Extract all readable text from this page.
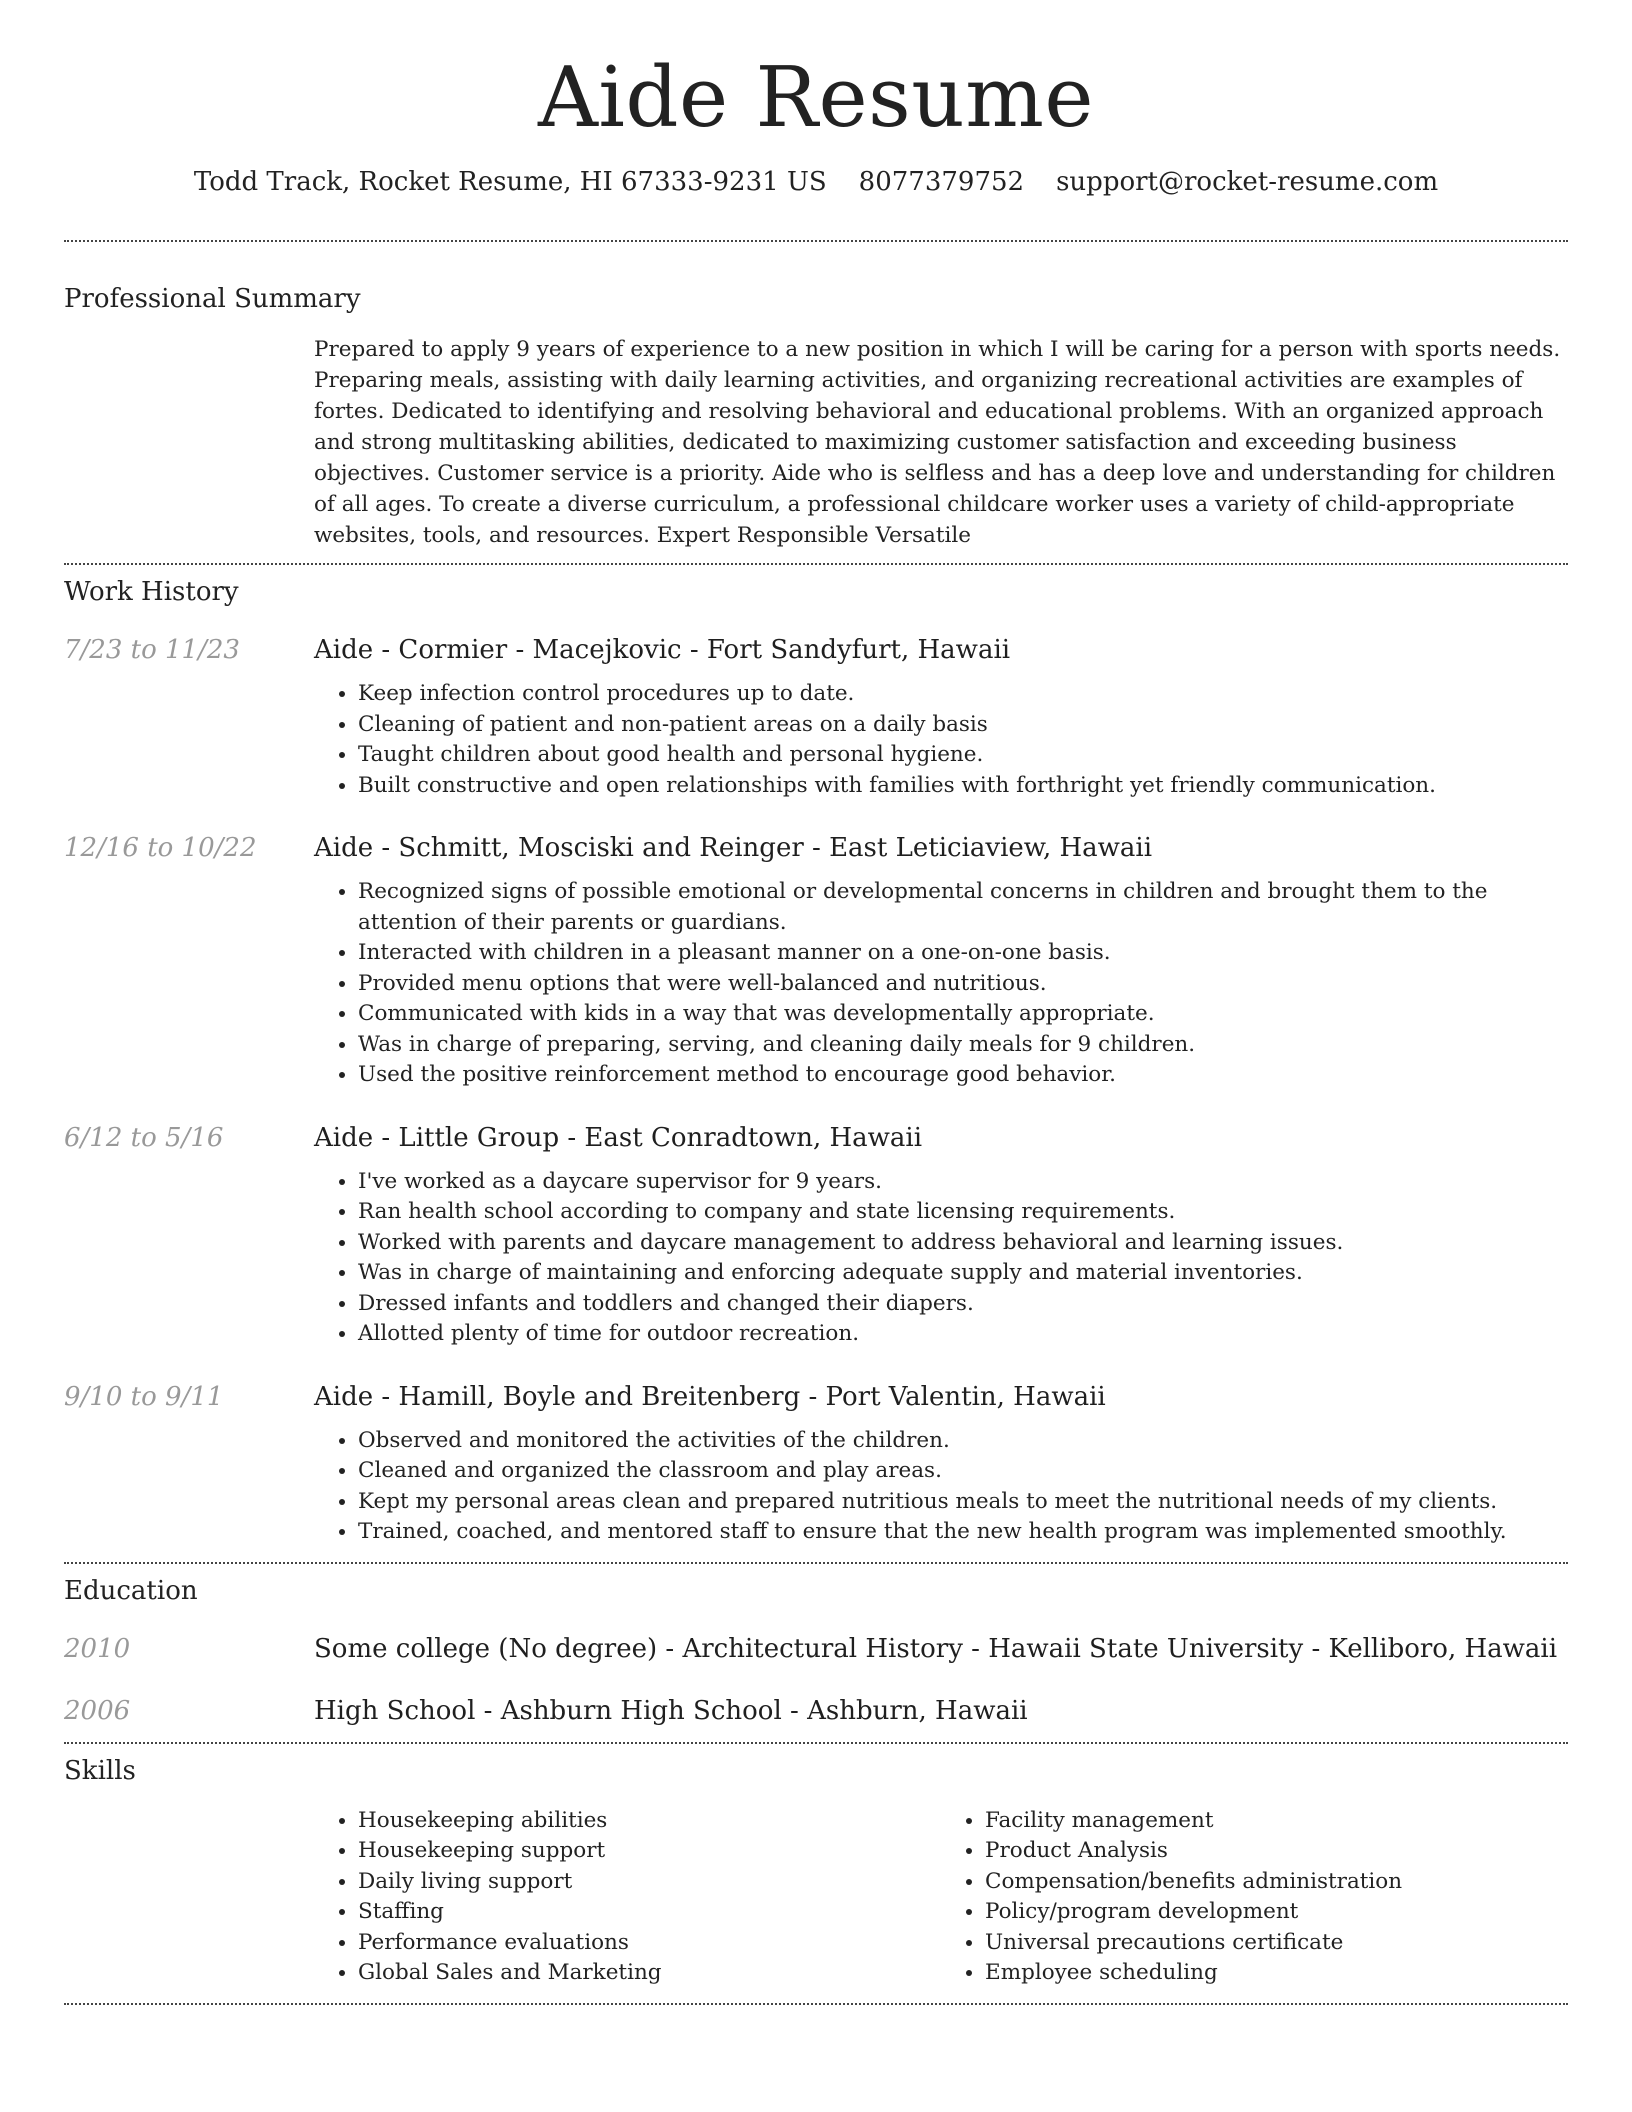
Aide Resume
Todd Track, Rocket Resume, HI 67333-9231 US 8077379752 support@rocket-resume.com
Professional Summary
Prepared to apply 9 years of experience to a new position in which I will be caring for a person with sports needs. Preparing meals, assisting with daily learning activities, and organizing recreational activities are examples of fortes. Dedicated to identifying and resolving behavioral and educational problems. With an organized approach and strong multitasking abilities, dedicated to maximizing customer satisfaction and exceeding business objectives. Customer service is a priority. Aide who is selfless and has a deep love and understanding for children of all ages. To create a diverse curriculum, a professional childcare worker uses a variety of child-appropriate websites, tools, and resources. Expert Responsible Versatile
Work History
7/23 to 11/23	Aide - Cormier - Macejkovic - Fort Sandyfurt, Hawaii
• Keep infection control procedures up to date.
• Cleaning of patient and non-patient areas on a daily basis
• Taught children about good health and personal hygiene.
• Built constructive and open relationships with families with forthright yet friendly communication.
12/16 to 10/22	Aide - Schmitt, Mosciski and Reinger - East Leticiaview, Hawaii
• Recognized signs of possible emotional or developmental concerns in children and brought them to the attention of their parents or guardians.
• Interacted with children in a pleasant manner on a one-on-one basis.
• Provided menu options that were well-balanced and nutritious.
• Communicated with kids in a way that was developmentally appropriate.
• Was in charge of preparing, serving, and cleaning daily meals for 9 children.
• Used the positive reinforcement method to encourage good behavior.
6/12 to 5/16	Aide - Little Group - East Conradtown, Hawaii
• I've worked as a daycare supervisor for 9 years.
• Ran health school according to company and state licensing requirements.
• Worked with parents and daycare management to address behavioral and learning issues.
• Was in charge of maintaining and enforcing adequate supply and material inventories.
• Dressed infants and toddlers and changed their diapers.
• Allotted plenty of time for outdoor recreation.
9/10 to 9/11	Aide - Hamill, Boyle and Breitenberg - Port Valentin, Hawaii
• Observed and monitored the activities of the children.
• Cleaned and organized the classroom and play areas.
• Kept my personal areas clean and prepared nutritious meals to meet the nutritional needs of my clients.
• Trained, coached, and mentored staff to ensure that the new health program was implemented smoothly.
Education
2010	Some college (No degree) - Architectural History - Hawaii State University - Kelliboro, Hawaii
2006	High School - Ashburn High School - Ashburn, Hawaii
Skills
• Housekeeping abilities
• Housekeeping support
• Daily living support
• Staffing
• Performance evaluations
• Global Sales and Marketing
• Facility management
• Product Analysis
• Compensation/benefits administration
• Policy/program development
• Universal precautions certificate
• Employee scheduling
